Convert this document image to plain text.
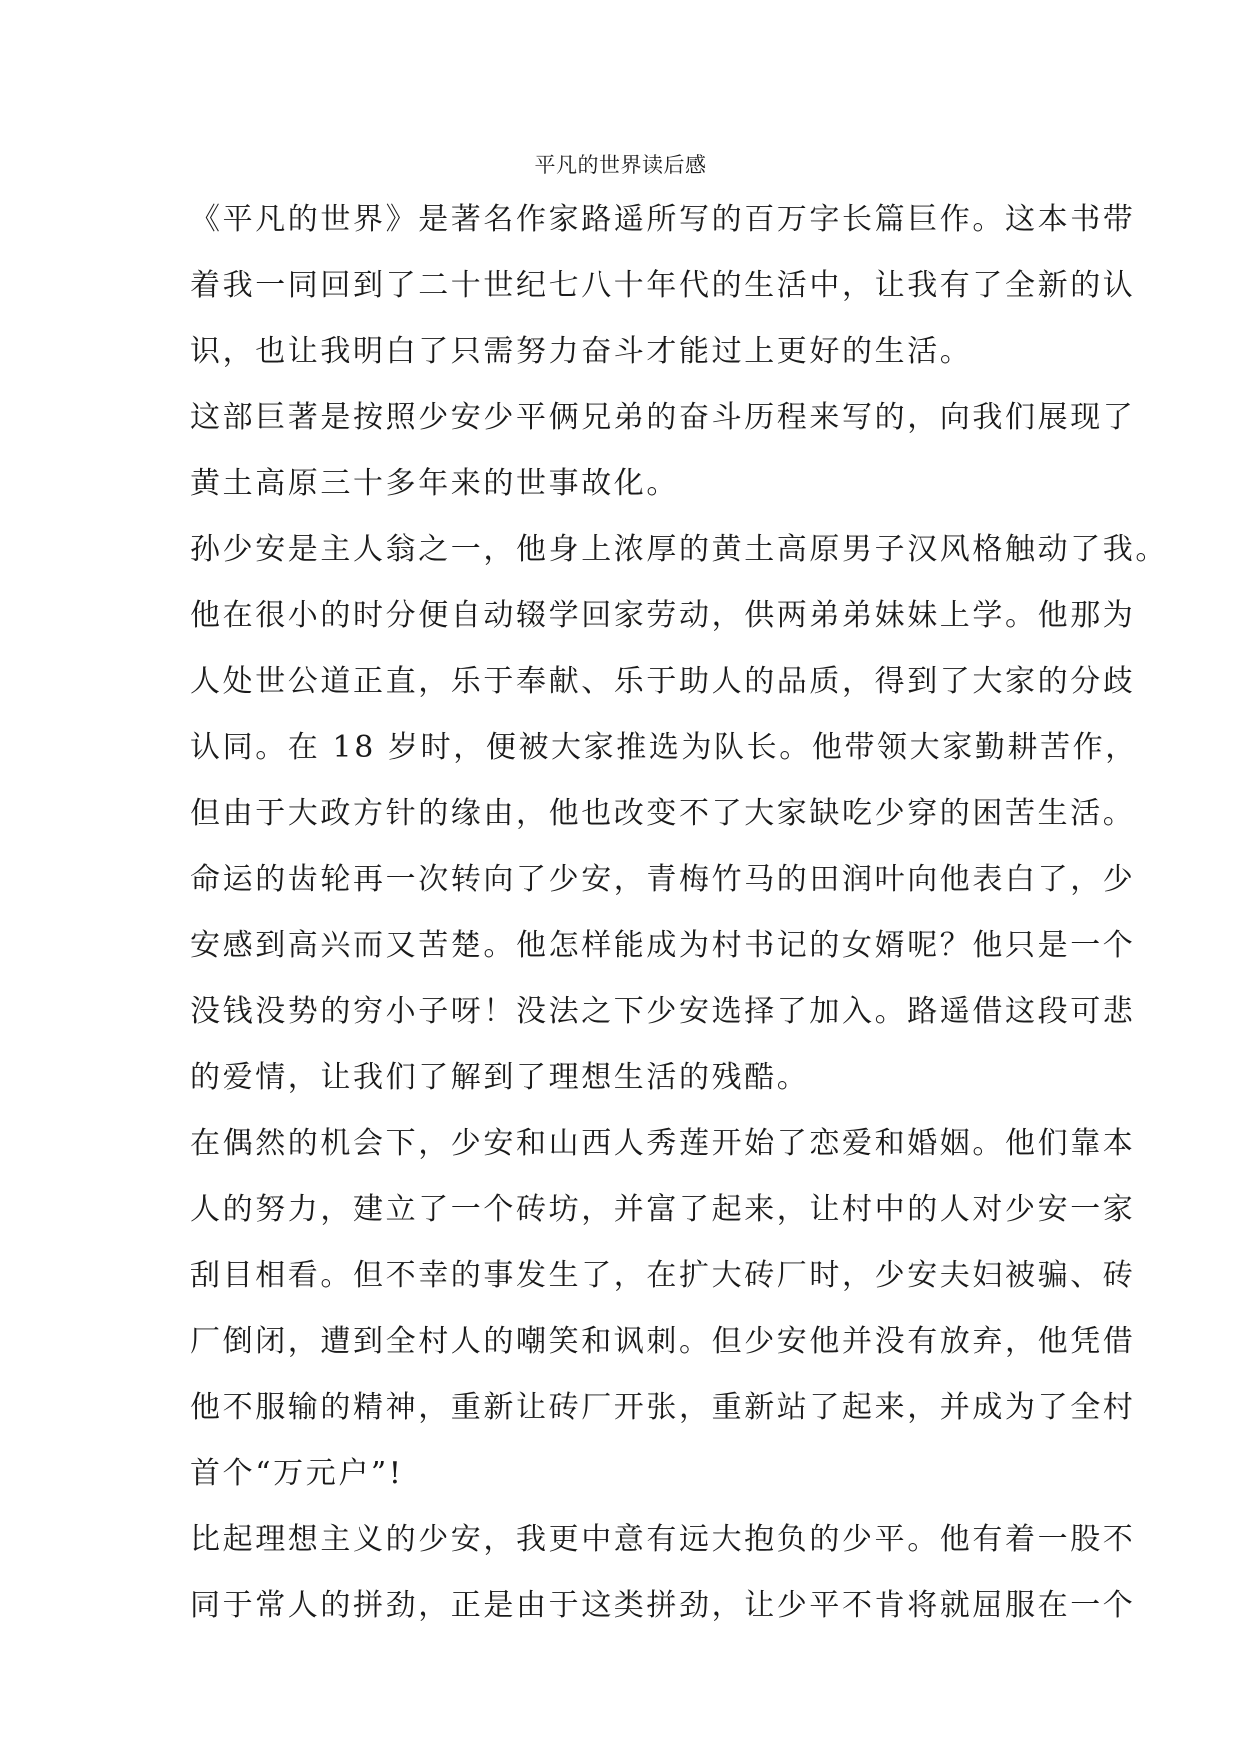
平凡的世界读后感
《平凡的世界》是著名作家路遥所写的百万字长篇巨作。这本书带
着我一同回到了二十世纪七八十年代的生活中，让我有了全新的认
识，也让我明白了只需努力奋斗才能过上更好的生活。
这部巨著是按照少安少平俩兄弟的奋斗历程来写的，向我们展现了
黄土高原三十多年来的世事故化。
孙少安是主人翁之一，他身上浓厚的黄土高原男子汉风格触动了我。
他在很小的时分便自动辍学回家劳动，供两弟弟妹妹上学。他那为
人处世公道正直，乐于奉献、乐于助人的品质，得到了大家的分歧
认同。在 18 岁时，便被大家推选为队长。他带领大家勤耕苦作，
但由于大政方针的缘由，他也改变不了大家缺吃少穿的困苦生活。
命运的齿轮再一次转向了少安，青梅竹马的田润叶向他表白了，少
安感到高兴而又苦楚。他怎样能成为村书记的女婿呢？他只是一个
没钱没势的穷小子呀！没法之下少安选择了加入。路遥借这段可悲
的爱情，让我们了解到了理想生活的残酷。
在偶然的机会下，少安和山西人秀莲开始了恋爱和婚姻。他们靠本
人的努力，建立了一个砖坊，并富了起来，让村中的人对少安一家
刮目相看。但不幸的事发生了，在扩大砖厂时，少安夫妇被骗、砖
厂倒闭，遭到全村人的嘲笑和讽刺。但少安他并没有放弃，他凭借
他不服输的精神，重新让砖厂开张，重新站了起来，并成为了全村
首个“万元户”!
比起理想主义的少安，我更中意有远大抱负的少平。他有着一股不
同于常人的拼劲，正是由于这类拼劲，让少平不肯将就屈服在一个
